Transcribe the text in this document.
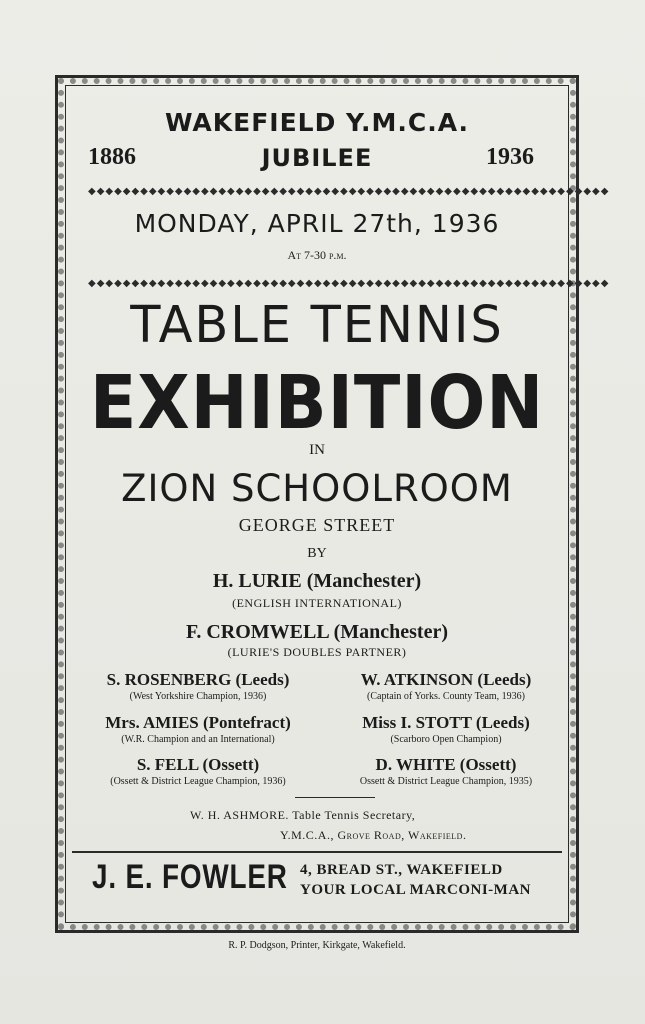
WAKEFIELD Y.M.C.A.
1886	JUBILEE	1936
◆◆◆◆◆◆◆◆◆◆◆◆◆◆◆◆◆◆◆◆◆◆◆◆◆◆◆◆◆◆◆◆◆◆◆◆◆◆◆◆◆◆◆◆◆◆◆◆◆◆◆◆◆◆◆◆◆◆◆◆
MONDAY, APRIL 27th, 1936
At 7-30 p.m.
◆◆◆◆◆◆◆◆◆◆◆◆◆◆◆◆◆◆◆◆◆◆◆◆◆◆◆◆◆◆◆◆◆◆◆◆◆◆◆◆◆◆◆◆◆◆◆◆◆◆◆◆◆◆◆◆◆◆◆◆
TABLE TENNIS
EXHIBITION
IN
ZION SCHOOLROOM
GEORGE STREET
BY
H. LURIE (Manchester)
(ENGLISH INTERNATIONAL)
F. CROMWELL (Manchester)
(LURIE'S DOUBLES PARTNER)
S. ROSENBERG (Leeds)
(West Yorkshire Champion, 1936)
W. ATKINSON (Leeds)
(Captain of Yorks. County Team, 1936)
Mrs. AMIES (Pontefract)
(W.R. Champion and an International)
Miss I. STOTT (Leeds)
(Scarboro Open Champion)
S. FELL (Ossett)
(Ossett & District League Champion, 1936)
D. WHITE (Ossett)
Ossett & District League Champion, 1935)
W. H. ASHMORE. Table Tennis Secretary,
Y.M.C.A., Grove Road, Wakefield.
J. E. FOWLER 4, BREAD ST., WAKEFIELD
YOUR LOCAL MARCONI-MAN
R. P. Dodgson, Printer, Kirkgate, Wakefield.
